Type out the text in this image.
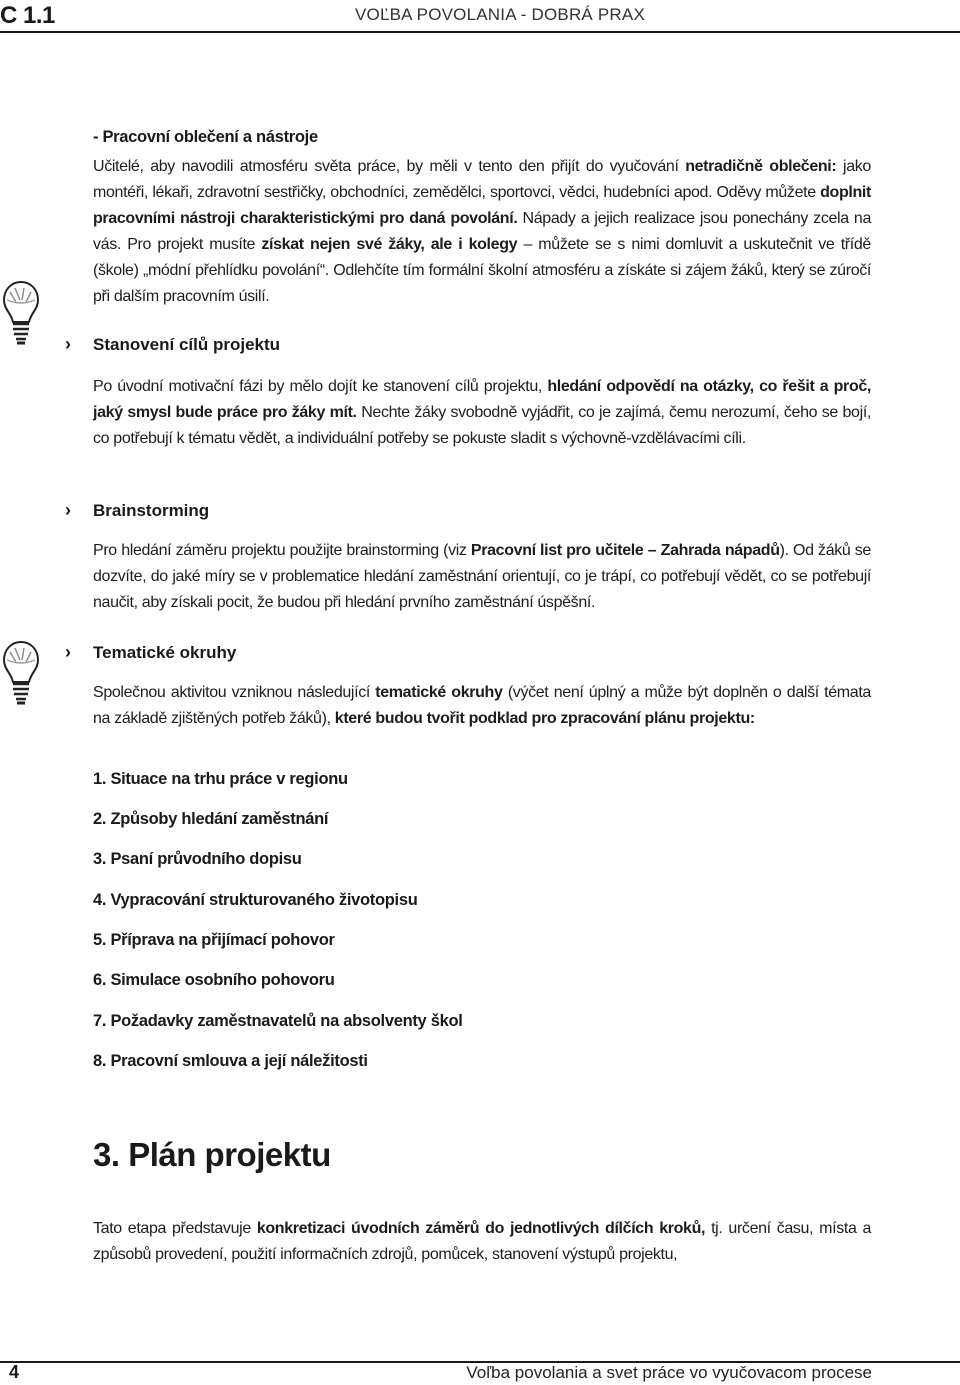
C 1.1	VOĽBA POVOLANIA - DOBRÁ PRAX
- Pracovní oblečení a nástroje
Učitelé, aby navodili atmosféru světa práce, by měli v tento den přijít do vyučování netradičně oblečeni: jako montéři, lékaři, zdravotní sestřičky, obchodníci, zemědělci, sportovci, vědci, hudebníci apod. Oděvy můžete doplnit pracovními nástroji charakteristickými pro daná povolání. Nápady a jejich realizace jsou ponechány zcela na vás. Pro projekt musíte získat nejen své žáky, ale i kolegy – můžete se s nimi domluvit a uskutečnit ve třídě (škole) „módní přehlídku povolání“. Odlehčíte tím formální školní atmosféru a získáte si zájem žáků, který se zúročí při dalším pracovním úsilí.
›	Stanovení cílů projektu
Po úvodní motivační fázi by mělo dojít ke stanovení cílů projektu, hledání odpovědí na otázky, co řešit a proč, jaký smysl bude práce pro žáky mít. Nechte žáky svobodně vyjádřit, co je zajímá, čemu nerozumí, čeho se bojí, co potřebují k tématu vědět, a individuální potřeby se pokuste sladit s výchovně-vzdělávacími cíli.
›	Brainstorming
Pro hledání záměru projektu použijte brainstorming (viz Pracovní list pro učitele – Zahrada nápadů). Od žáků se dozvíte, do jaké míry se v problematice hledání zaměstnání orientují, co je trápí, co potřebují vědět, co se potřebují naučit, aby získali pocit, že budou při hledání prvního zaměstnání úspěšní.
›	Tematické okruhy
Společnou aktivitou vzniknou následující tematické okruhy (výčet není úplný a může být doplněn o další témata na základě zjištěných potřeb žáků), které budou tvořit podklad pro zpracování plánu projektu:
1. Situace na trhu práce v regionu
2. Způsoby hledání zaměstnání
3. Psaní průvodního dopisu
4. Vypracování strukturovaného životopisu
5. Příprava na přijímací pohovor
6. Simulace osobního pohovoru
7. Požadavky zaměstnavatelů na absolventy škol
8. Pracovní smlouva a její náležitosti
3. Plán projektu
Tato etapa představuje konkretizaci úvodních záměrů do jednotlivých dílčích kroků, tj. určení času, místa a způsobů provedení, použití informačních zdrojů, pomůcek, stanovení výstupů projektu,
4	Voľba povolania a svet práce vo vyučovacom procese
